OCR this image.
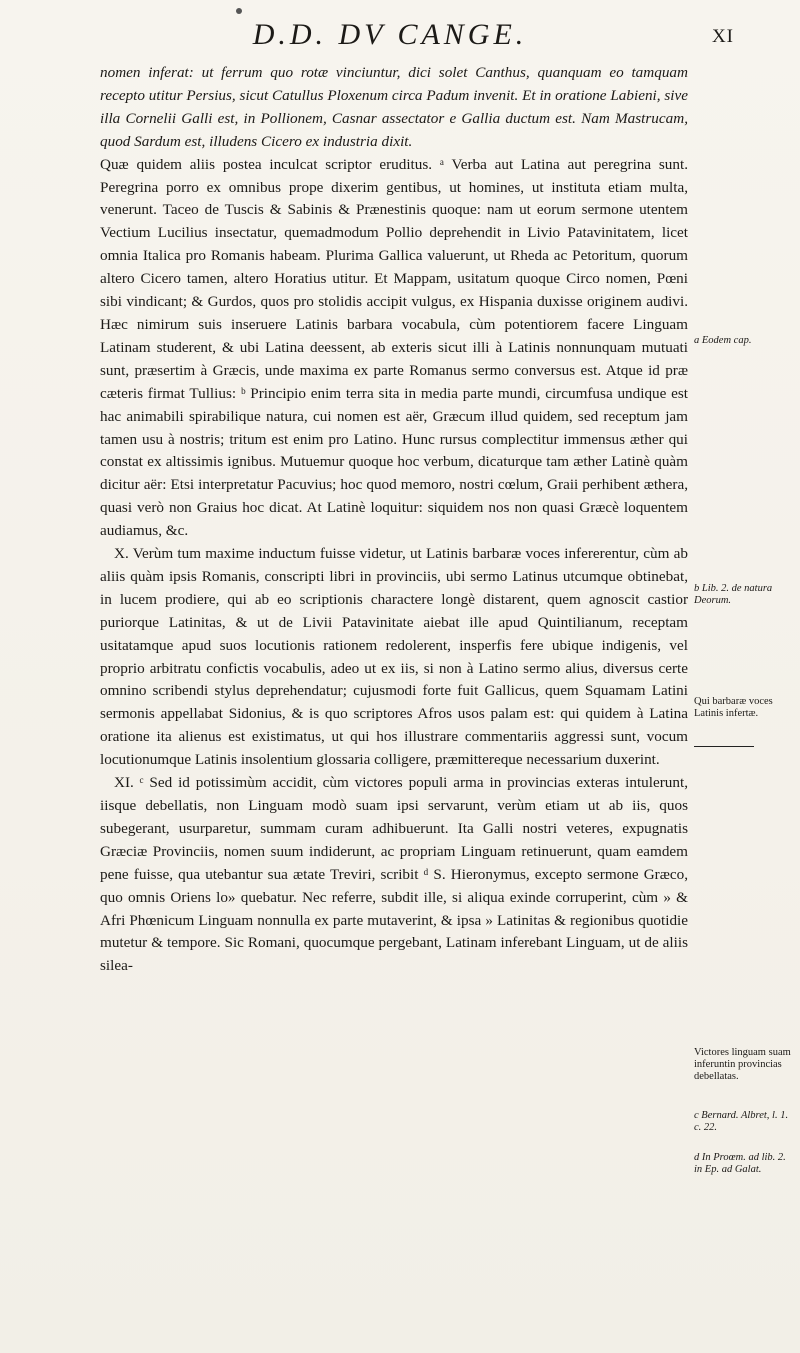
D.D. DV CANGE.	XI

nomen inferat: ut ferrum quo rotæ vinciuntur, dici solet Canthus, quanquam eo tamquam recepto utitur Persius, sicut Catullus Ploxenum circa Padum invenit. Et in oratione Labieni, sive illa Cornelii Galli est, in Pollionem, Casnar assectator e Gallia ductum est. Nam Mastrucam, quod Sardum est, illudens Cicero ex industria dixit.

Quæ quidem aliis postea inculcat scriptor eruditus. ᵃ Verba aut Latina aut peregrina sunt. Peregrina porro ex omnibus prope dixerim gentibus, ut homines, ut instituta etiam multa, venerunt. Taceo de Tuscis & Sabinis & Prænestinis quoque: nam ut eorum sermone utentem Vectium Lucilius insectatur, quemadmodum Pollio deprehendit in Livio Patavinitatem, licet omnia Italica pro Romanis habeam. Plurima Gallica valuerunt, ut Rheda ac Petoritum, quorum altero Cicero tamen, altero Horatius utitur. Et Mappam, usitatum quoque Circo nomen, Pœni sibi vindicant; & Gurdos, quos pro stolidis accipit vulgus, ex Hispania duxisse originem audivi. Hæc nimirum suis inseruere Latinis barbara vocabula, cùm potentiorem facere Linguam Latinam studerent, & ubi Latina deessent, ab exteris sicut illi à Latinis nonnunquam mutuati sunt, præsertim à Græcis, unde maxima ex parte Romanus sermo conversus est. Atque id præ cæteris firmat Tullius: ᵇ Principio enim terra sita in media parte mundi, circumfusa undique est hac animabili spirabilique natura, cui nomen est aër, Græcum illud quidem, sed receptum jam tamen usu à nostris; tritum est enim pro Latino. Hunc rursus complectitur immensus æther qui constat ex altissimis ignibus. Mutuemur quoque hoc verbum, dicaturque tam æther Latinè quàm dicitur aër: Etsi interpretatur Pacuvius; hoc quod memoro, nostri cœlum, Graii perhibent æthera, quasi verò non Graius hoc dicat. At Latinè loquitur: siquidem nos non quasi Græcè loquentem audiamus, &c.

X. Verùm tum maxime inductum fuisse videtur, ut Latinis barbaræ voces infererentur, cùm ab aliis quàm ipsis Romanis, conscripti libri in provinciis, ubi sermo Latinus utcumque obtinebat, in lucem prodiere, qui ab eo scriptionis charactere longè distarent, quem agnoscit castior puriorque Latinitas, & ut de Livii Patavinitate aiebat ille apud Quintilianum, receptam usitatamque apud suos locutionis rationem redolerent, insperfis fere ubique indigenis, vel proprio arbitratu confictis vocabulis, adeo ut ex iis, si non à Latino sermo alius, diversus certe omnino scribendi stylus deprehendatur; cujusmodi forte fuit Gallicus, quem Squamam Latini sermonis appellabat Sidonius, & is quo scriptores Afros usos palam est: qui quidem à Latina oratione ita alienus est existimatus, ut qui hos illustrare commentariis aggressi sunt, vocum locutionumque Latinis insolentium glossaria colligere, præmittereque necessarium duxerint.

XI. ᶜ Sed id potissimùm accidit, cùm victores populi arma in provincias exteras intulerunt, iisque debellatis, non Linguam modò suam ipsi servarunt, verùm etiam ut ab iis, quos subegerant, usurparetur, summam curam adhibuerunt. Ita Galli nostri veteres, expugnatis Græciæ Provinciis, nomen suum indiderunt, ac propriam Linguam retinuerunt, quam eamdem pene fuisse, qua utebantur sua ætate Treviri, scribit ᵈ S. Hieronymus, excepto sermone Græco, quo omnis Oriens lo» quebatur. Nec referre, subdit ille, si aliqua exinde corruperint, cùm » & Afri Phœnicum Linguam nonnulla ex parte mutaverint, & ipsa » Latinitas & regionibus quotidie mutetur & tempore. Sic Romani, quocumque pergebant, Latinam inferebant Linguam, ut de aliis silea-

a Eodem cap.
b Lib. 2. de natura Deorum.
Qui barbaræ voces Latinis infertæ.
Victores linguam suam inferuntin provincias debellatas.
c Bernard. Albret, l. 1. c. 22.
d In Proœm. ad lib. 2. in Ep. ad Galat.
